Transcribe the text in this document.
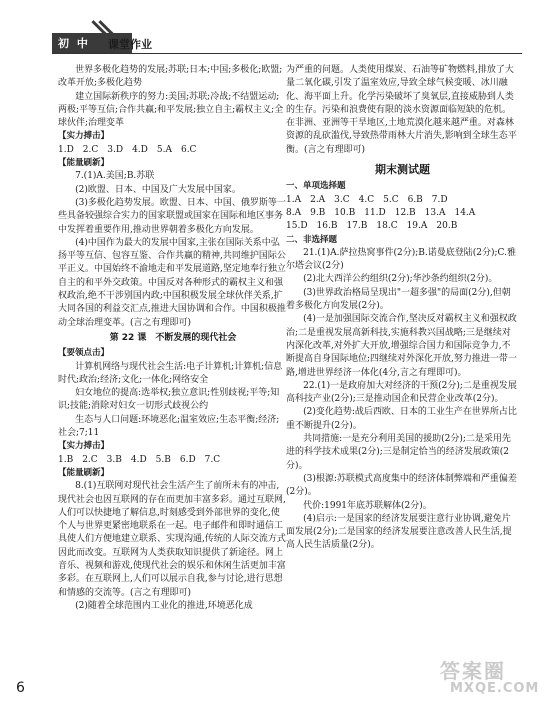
初 中 课堂作业

世界多极化趋势的发展;苏联;日本;中国;多极化;欧盟;改革开放;多极化趋势

建立国际新秩序的努力:美国;苏联;冷战;不结盟运动;两极;平等互信;合作共赢;和平发展;独立自主;霸权主义;全球伙伴;治理变革

【实力搏击】

1.D　2.C　3.D　4.D　5.A　6.C

【能量刷新】

7.(1)A.美国;B.苏联

(2)欧盟、日本、中国及广大发展中国家。

(3)多极化趋势发展。欧盟、日本、中国、俄罗斯等一些具备较强综合实力的国家联盟或国家在国际和地区事务中发挥着重要作用,推动世界朝着多极化方向发展。

(4)中国作为最大的发展中国家,主张在国际关系中弘扬平等互信、包容互鉴、合作共赢的精神,共同维护国际公平正义。中国始终不渝地走和平发展道路,坚定地奉行独立自主的和平外交政策。中国反对各种形式的霸权主义和强权政治,绝不干涉别国内政;中国积极发展全球伙伴关系,扩大同各国的利益交汇点,推进大国协调和合作。中国积极推动全球治理变革。(言之有理即可)

第 22 课　不断发展的现代社会

【要领点击】

计算机网络与现代社会生活:电子计算机;计算机;信息时代;政治;经济;文化;一体化;网络安全

妇女地位的提高:选举权;独立意识;性别歧视;平等;知识;技能;消除对妇女一切形式歧视公约

生态与人口问题:环境恶化;温室效应;生态平衡;经济;社会;7;11

【实力搏击】

1.B　2.C　3.B　4.D　5.B　6.D　7.C

【能量刷新】

8.(1)互联网对现代社会生活产生了前所未有的冲击,现代社会也因互联网的存在而更加丰富多彩。通过互联网,人们可以快捷地了解信息,时刻感受到外部世界的变化,使个人与世界更紧密地联系在一起。电子邮件和即时通信工具使人们方便地建立联系、实现沟通,传统的人际交流方式因此而改变。互联网为人类获取知识提供了新途径。网上音乐、视频和游戏,使现代社会的娱乐和休闲生活更加丰富多彩。在互联网上,人们可以展示自我,参与讨论,进行思想和情感的交流等。(言之有理即可)

(2)随着全球范围内工业化的推进,环境恶化成

为严重的问题。人类使用煤炭、石油等矿物燃料,排放了大量二氧化碳,引发了温室效应,导致全球气候变暖、冰川融化、海平面上升。化学污染破坏了臭氧层,直接威胁到人类的生存。污染和浪费使有限的淡水资源面临短缺的危机。在非洲、亚洲等干旱地区,土地荒漠化越来越严重。对森林资源的乱砍滥伐,导致热带雨林大片消失,影响到全球生态平衡。(言之有理即可)

期末测试题

一、单项选择题

1.A　2.A　3.C　4.C　5.C　6.B　7.D

8.A　9.B　10.B　11.D　12.B　13.A　14.A

15.D　16.B　17.B　18.C　19.A　20.B

二、非选择题

21.(1)A.萨拉热窝事件(2分);B.诺曼底登陆(2分);C.雅尔塔会议(2分)

(2)北大西洋公约组织(2分);华沙条约组织(2分)。

(3)世界政治格局呈现出"一超多强"的局面(2分),但朝着多极化方向发展(2分)。

(4)一是加强国际交流合作,坚决反对霸权主义和强权政治;二是重视发展高新科技,实施科教兴国战略;三是继续对内深化改革,对外扩大开放,增强综合国力和国际竞争力,不断提高自身国际地位;四继续对外深化开放,努力推进一带一路,增进世界经济一体化(4分,言之有理即可)。

22.(1)一是政府加大对经济的干预(2分);二是重视发展高科技产业(2分);三是推动国企和民营企业改革(2分)。

(2)变化趋势:战后西欧、日本的工业生产在世界所占比重不断提升(2分)。

共同措施:一是充分利用美国的援助(2分);二是采用先进的科学技术成果(2分);三是制定恰当的经济发展政策(2分)。

(3)根源:苏联模式高度集中的经济体制弊端和严重偏差(2分)。

代价:1991年底苏联解体(2分)。

(4)启示:一是国家的经济发展要注意行业协调,避免片面发展(2分);二是国家的经济发展要注意改善人民生活,提高人民生活质量(2分)。

6
答案圈
MXQE.COM
